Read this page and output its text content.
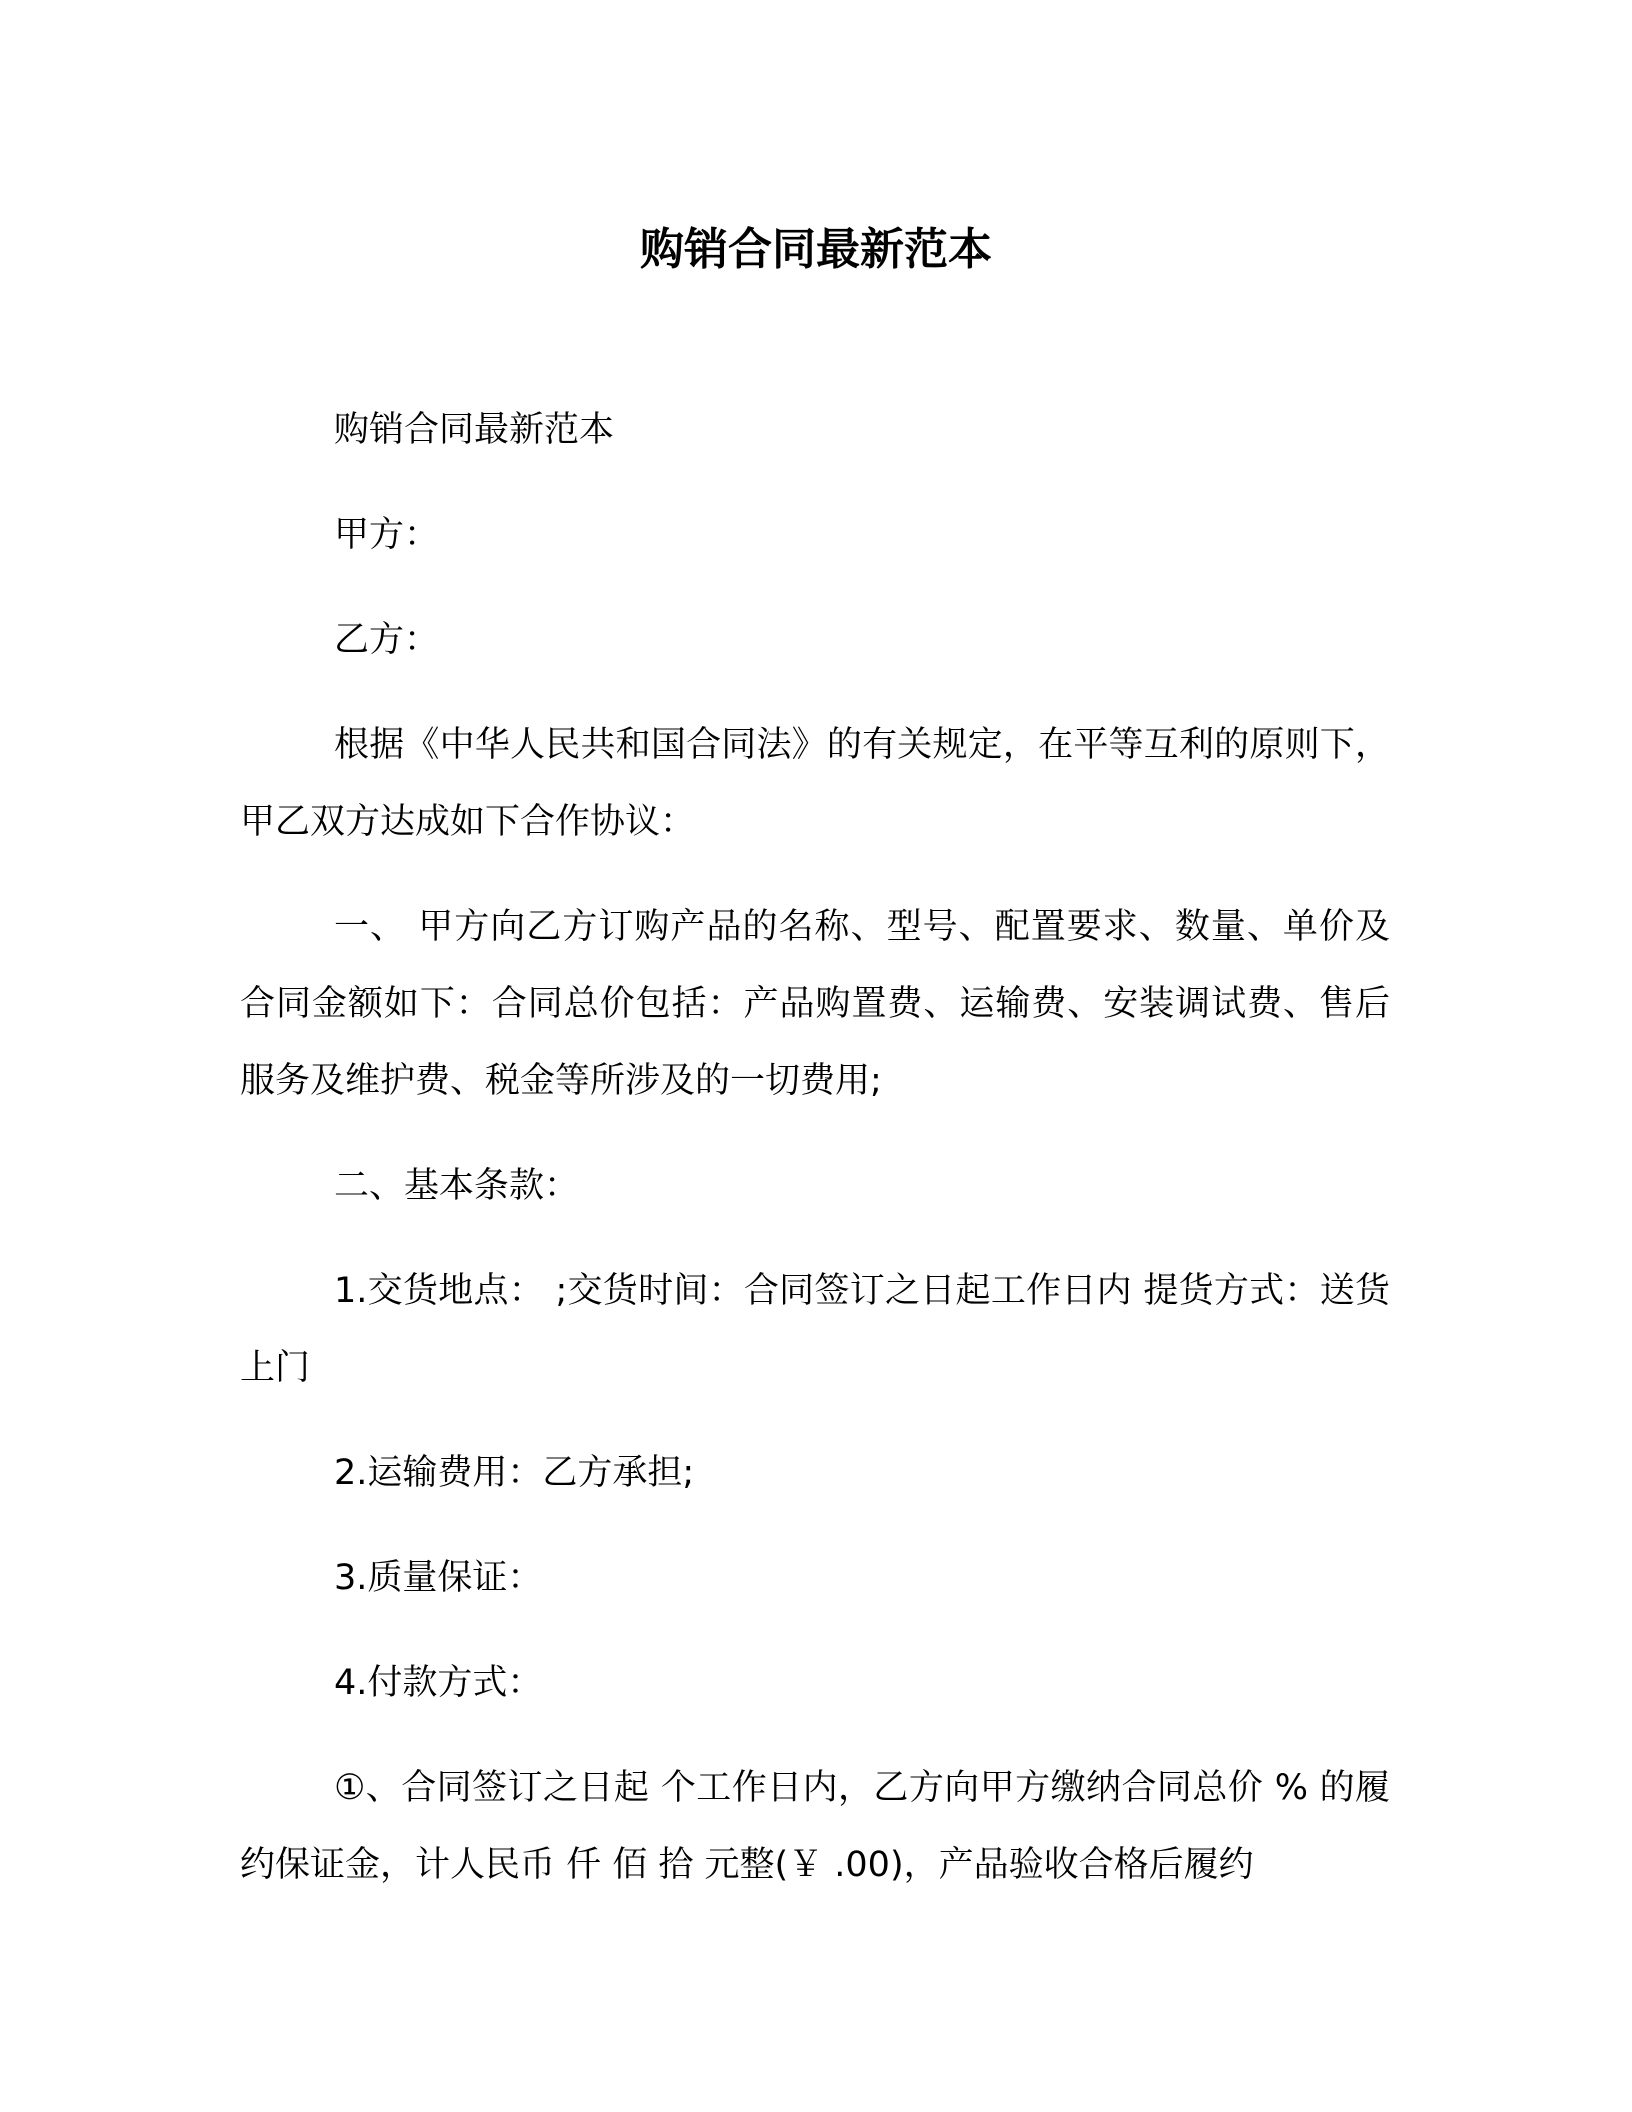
购销合同最新范本

购销合同最新范本

甲方：

乙方：

根据《中华人民共和国合同法》的有关规定，在平等互利的原则下，甲乙双方达成如下合作协议：

一、 甲方向乙方订购产品的名称、型号、配置要求、数量、单价及合同金额如下：合同总价包括：产品购置费、运输费、安装调试费、售后服务及维护费、税金等所涉及的一切费用;

二、基本条款：

1.交货地点： ;交货时间：合同签订之日起工作日内 提货方式：送货上门

2.运输费用：乙方承担;

3.质量保证：

4.付款方式：

①、合同签订之日起 个工作日内，乙方向甲方缴纳合同总价 % 的履约保证金，计人民币 仟 佰 拾 元整(￥ .00)，产品验收合格后履约
